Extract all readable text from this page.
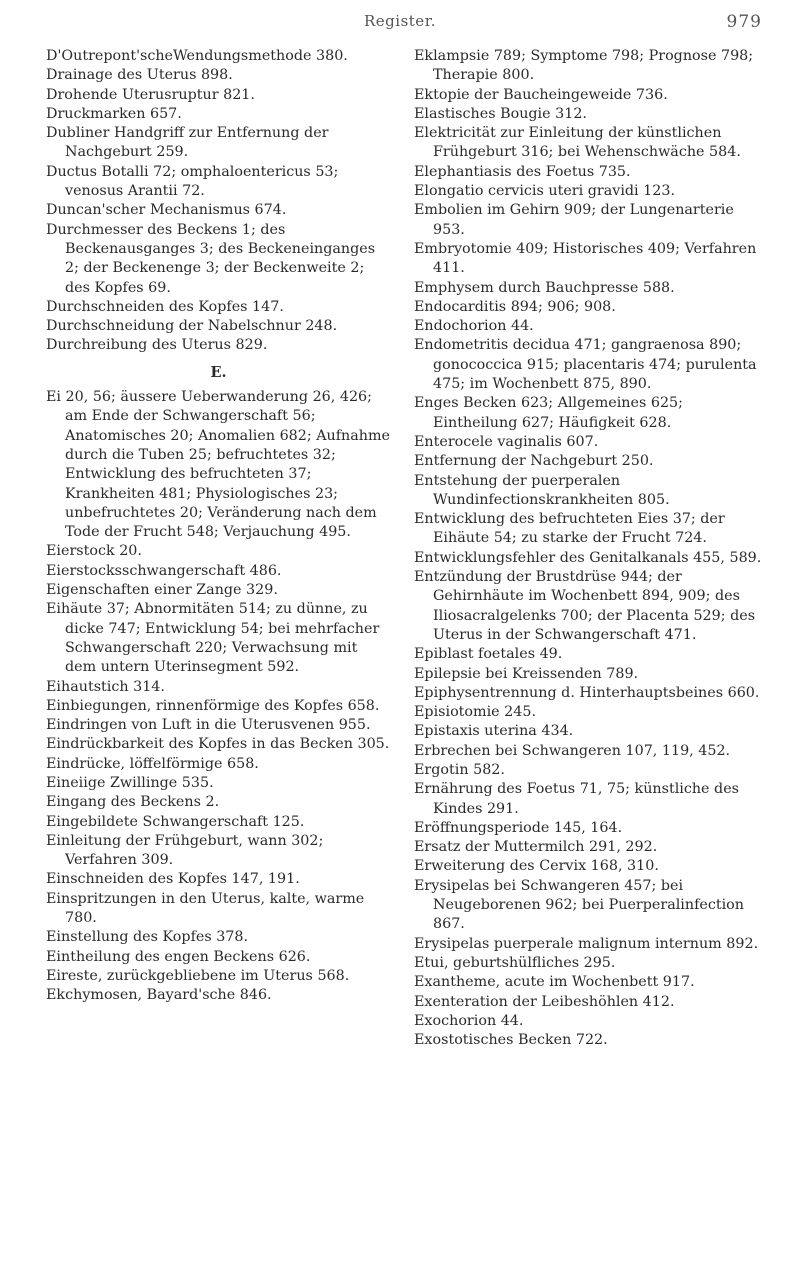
Register.	979
D'Outrepont'scheWendungsmethode 380.
Drainage des Uterus 898.
Drohende Uterusruptur 821.
Druckmarken 657.
Dubliner Handgriff zur Entfernung der Nachgeburt 259.
Ductus Botalli 72; omphaloentericus 53; venosus Arantii 72.
Duncan'scher Mechanismus 674.
Durchmesser des Beckens 1; des Beckenausganges 3; des Beckeneinganges 2; der Beckenenge 3; der Beckenweite 2; des Kopfes 69.
Durchschneiden des Kopfes 147.
Durchschneidung der Nabelschnur 248.
Durchreibung des Uterus 829.
E.
Ei 20, 56; äussere Ueberwanderung 26, 426; am Ende der Schwangerschaft 56; Anatomisches 20; Anomalien 682; Aufnahme durch die Tuben 25; befruchtetes 32; Entwicklung des befruchteten 37; Krankheiten 481; Physiologisches 23; unbefruchtetes 20; Veränderung nach dem Tode der Frucht 548; Verjauchung 495.
Eierstock 20.
Eierstocksschwangerschaft 486.
Eigenschaften einer Zange 329.
Eihäute 37; Abnormitäten 514; zu dünne, zu dicke 747; Entwicklung 54; bei mehrfacher Schwangerschaft 220; Verwachsung mit dem untern Uterinsegment 592.
Eihautstich 314.
Einbiegungen, rinnenförmige des Kopfes 658.
Eindringen von Luft in die Uterusvenen 955.
Eindrückbarkeit des Kopfes in das Becken 305.
Eindrücke, löffelförmige 658.
Eineiige Zwillinge 535.
Eingang des Beckens 2.
Eingebildete Schwangerschaft 125.
Einleitung der Frühgeburt, wann 302; Verfahren 309.
Einschneiden des Kopfes 147, 191.
Einspritzungen in den Uterus, kalte, warme 780.
Einstellung des Kopfes 378.
Eintheilung des engen Beckens 626.
Eireste, zurückgebliebene im Uterus 568.
Ekchymosen, Bayard'sche 846.
Eklampsie 789; Symptome 798; Prognose 798; Therapie 800.
Ektopie der Baucheingeweide 736.
Elastisches Bougie 312.
Elektricität zur Einleitung der künstlichen Frühgeburt 316; bei Wehenschwäche 584.
Elephantiasis des Foetus 735.
Elongatio cervicis uteri gravidi 123.
Embolien im Gehirn 909; der Lungenarterie 953.
Embryotomie 409; Historisches 409; Verfahren 411.
Emphysem durch Bauchpresse 588.
Endocarditis 894; 906; 908.
Endochorion 44.
Endometritis decidua 471; gangraenosa 890; gonococcica 915; placentaris 474; purulenta 475; im Wochenbett 875, 890.
Enges Becken 623; Allgemeines 625; Eintheilung 627; Häufigkeit 628.
Enterocele vaginalis 607.
Entfernung der Nachgeburt 250.
Entstehung der puerperalen Wundinfectionskrankheiten 805.
Entwicklung des befruchteten Eies 37; der Eihäute 54; zu starke der Frucht 724.
Entwicklungsfehler des Genitalkanals 455, 589.
Entzündung der Brustdrüse 944; der Gehirnhäute im Wochenbett 894, 909; des Iliosacralgelenks 700; der Placenta 529; des Uterus in der Schwangerschaft 471.
Epiblast foetales 49.
Epilepsie bei Kreissenden 789.
Epiphysentrennung d. Hinterhauptsbeines 660.
Episiotomie 245.
Epistaxis uterina 434.
Erbrechen bei Schwangeren 107, 119, 452.
Ergotin 582.
Ernährung des Foetus 71, 75; künstliche des Kindes 291.
Eröffnungsperiode 145, 164.
Ersatz der Muttermilch 291, 292.
Erweiterung des Cervix 168, 310.
Erysipelas bei Schwangeren 457; bei Neugeborenen 962; bei Puerperalinfection 867.
Erysipelas puerperale malignum internum 892.
Etui, geburtshülfliches 295.
Exantheme, acute im Wochenbett 917.
Exenteration der Leibeshöhlen 412.
Exochorion 44.
Exostotisches Becken 722.
